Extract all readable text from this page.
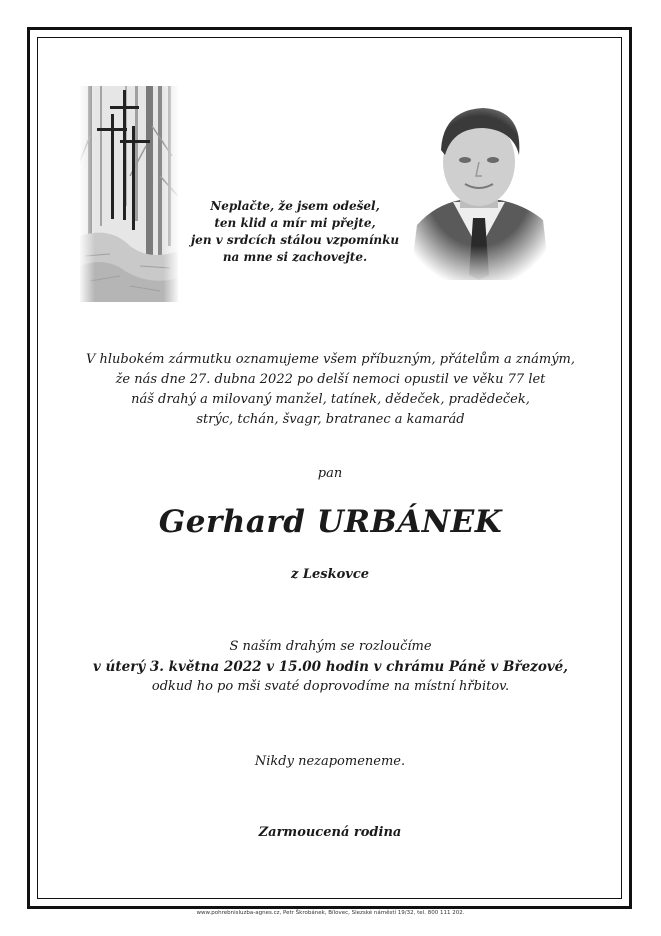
Neplačte, že jsem odešel,
ten klid a mír mi přejte,
jen v srdcích stálou vzpomínku
na mne si zachovejte.
V hlubokém zármutku oznamujeme všem příbuzným, přátelům a známým,
že nás dne 27. dubna 2022 po delší nemoci opustil ve věku 77 let
náš drahý a milovaný manžel, tatínek, dědeček, pradědeček,
strýc, tchán, švagr, bratranec a kamarád
pan
Gerhard URBÁNEK
z Leskovce
S naším drahým se rozloučíme
v úterý 3. května 2022 v 15.00 hodin v chrámu Páně v Březové,
odkud ho po mši svaté doprovodíme na místní hřbitov.
Nikdy nezapomeneme.
Zarmoucená rodina
www.pohrebnisluzba-agnes.cz, Petr Škrobánek, Bílovec, Slezské náměstí 19/32, tel. 800 111 202.
